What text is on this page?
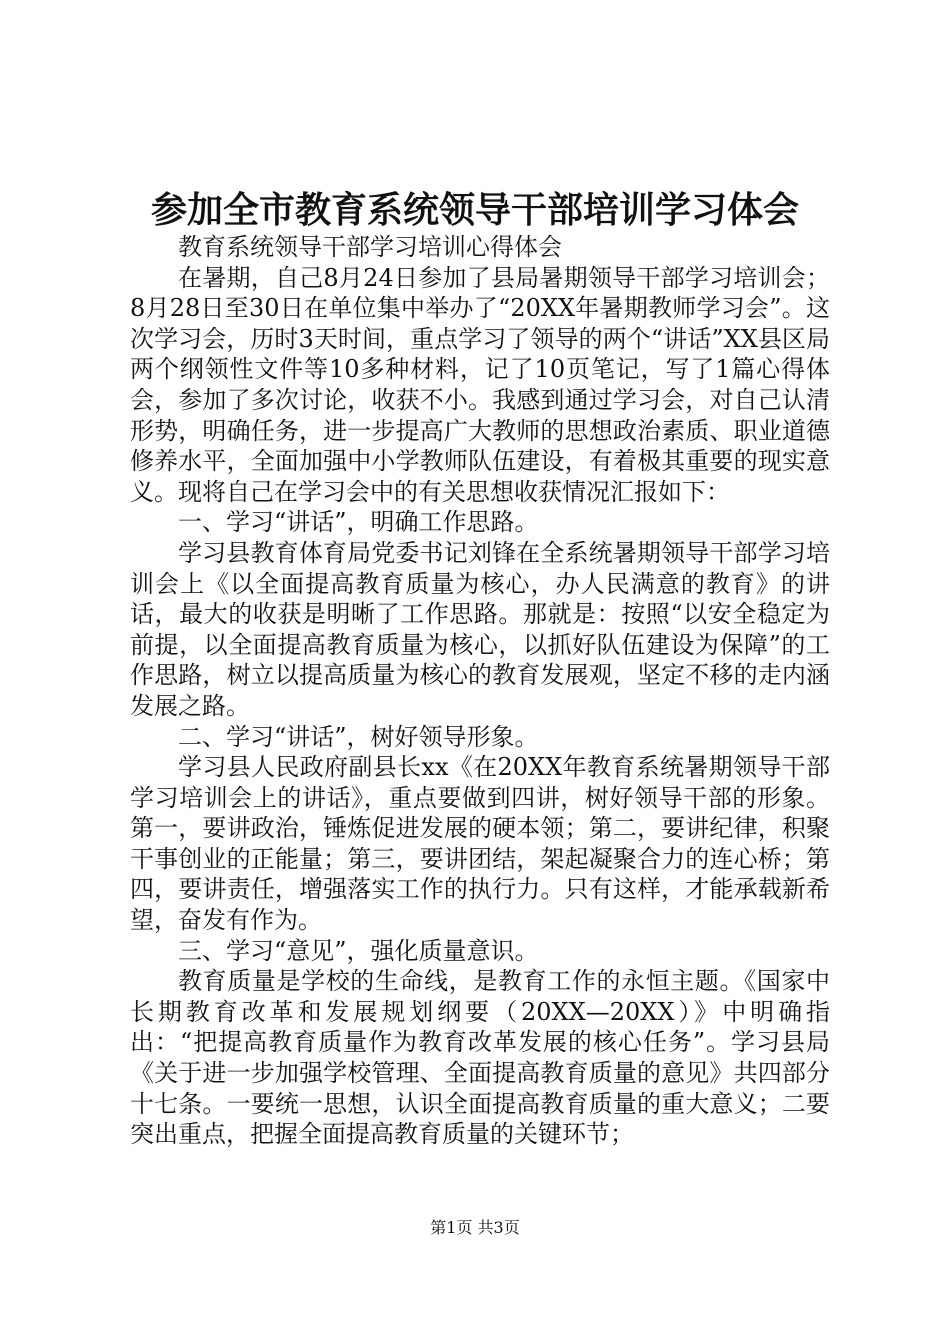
参加全市教育系统领导干部培训学习体会

教育系统领导干部学习培训心得体会

在暑期，自己8月24日参加了县局暑期领导干部学习培训会；8月28日至30日在单位集中举办了“20XX年暑期教师学习会”。这次学习会，历时3天时间，重点学习了领导的两个“讲话”XX县区局两个纲领性文件等10多种材料，记了10页笔记，写了1篇心得体会，参加了多次讨论，收获不小。我感到通过学习会，对自己认清形势，明确任务，进一步提高广大教师的思想政治素质、职业道德修养水平，全面加强中小学教师队伍建设，有着极其重要的现实意义。现将自己在学习会中的有关思想收获情况汇报如下：

一、学习“讲话”，明确工作思路。

学习县教育体育局党委书记刘锋在全系统暑期领导干部学习培训会上《以全面提高教育质量为核心，办人民满意的教育》的讲话，最大的收获是明晰了工作思路。那就是：按照“以安全稳定为前提，以全面提高教育质量为核心，以抓好队伍建设为保障”的工作思路，树立以提高质量为核心的教育发展观，坚定不移的走内涵发展之路。

二、学习“讲话”，树好领导形象。

学习县人民政府副县长xx《在20XX年教育系统暑期领导干部学习培训会上的讲话》，重点要做到四讲，树好领导干部的形象。第一，要讲政治，锤炼促进发展的硬本领；第二，要讲纪律，积聚干事创业的正能量；第三，要讲团结，架起凝聚合力的连心桥；第四，要讲责任，增强落实工作的执行力。只有这样，才能承载新希望，奋发有作为。

三、学习“意见”，强化质量意识。

教育质量是学校的生命线，是教育工作的永恒主题。《国家中长期教育改革和发展规划纲要（20XX—20XX）》中明确指出：“把提高教育质量作为教育改革发展的核心任务”。学习县局《关于进一步加强学校管理、全面提高教育质量的意见》共四部分十七条。一要统一思想，认识全面提高教育质量的重大意义；二要突出重点，把握全面提高教育质量的关键环节；

第1页 共3页
